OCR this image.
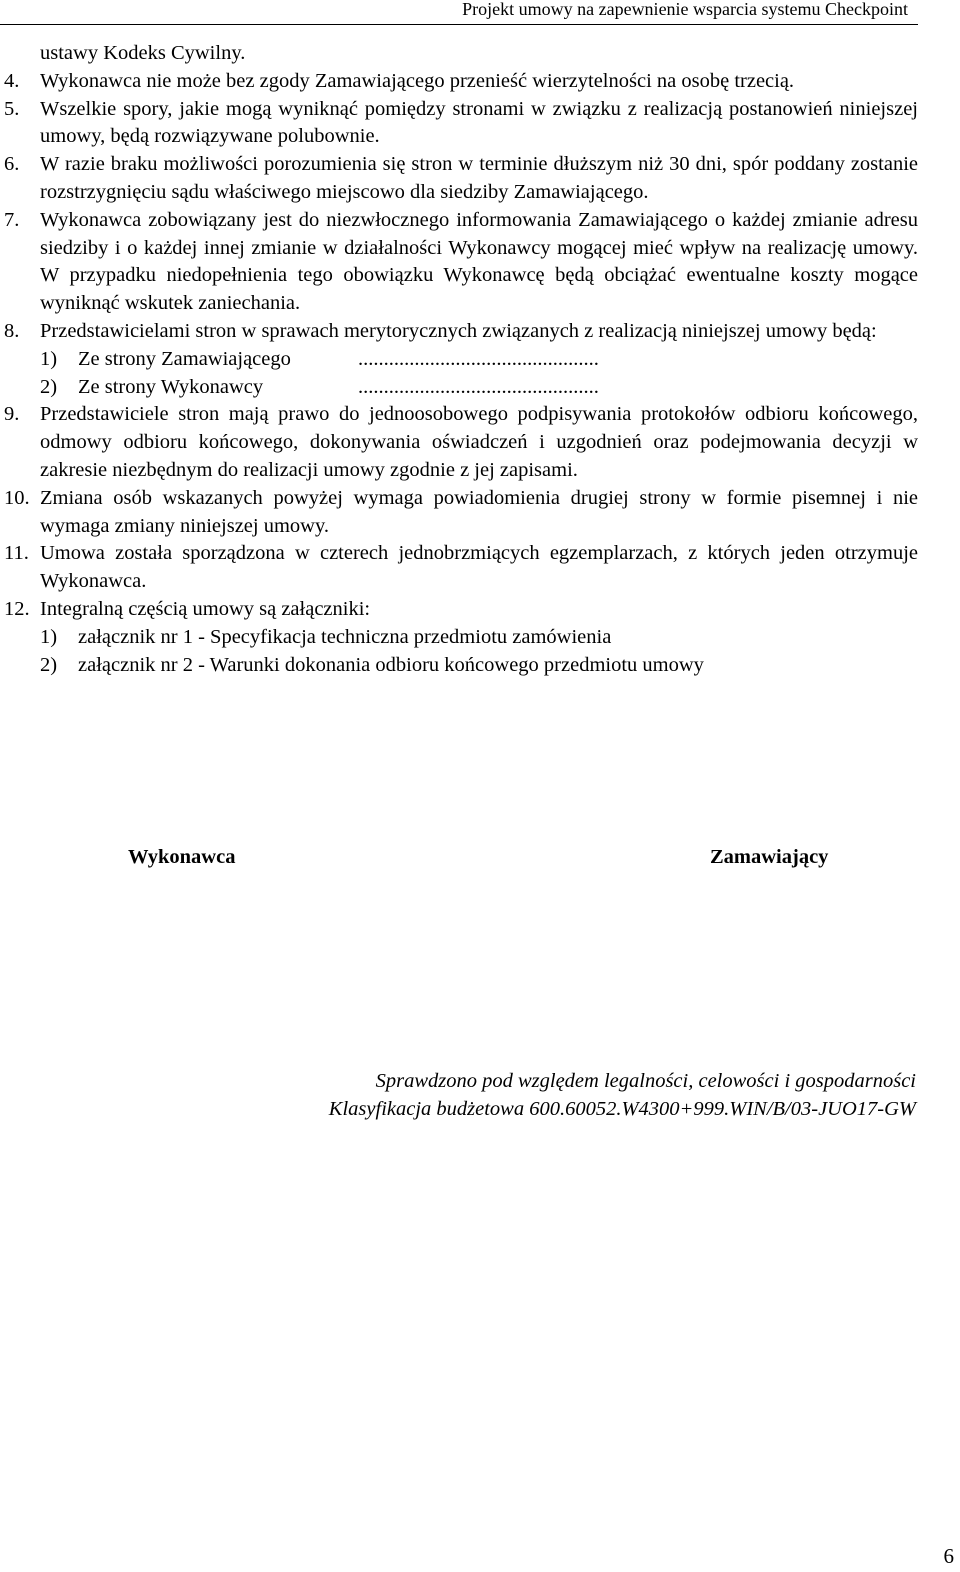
Projekt umowy na zapewnienie wsparcia systemu Checkpoint
ustawy Kodeks Cywilny.
4. Wykonawca nie może bez zgody Zamawiającego przenieść wierzytelności na osobę trzecią.
5. Wszelkie spory, jakie mogą wyniknąć pomiędzy stronami w związku z realizacją postanowień niniejszej umowy, będą rozwiązywane polubownie.
6. W razie braku możliwości porozumienia się stron w terminie dłuższym niż 30 dni, spór poddany zostanie rozstrzygnięciu sądu właściwego miejscowo dla siedziby Zamawiającego.
7. Wykonawca zobowiązany jest do niezwłocznego informowania Zamawiającego o każdej zmianie adresu siedziby i o każdej innej zmianie w działalności Wykonawcy mogącej mieć wpływ na realizację umowy. W przypadku niedopełnienia tego obowiązku Wykonawcę będą obciążać ewentualne koszty mogące wyniknąć wskutek zaniechania.
8. Przedstawicielami stron w sprawach merytorycznych związanych z realizacją niniejszej umowy będą:
1) Ze strony Zamawiającego	...............................................
2) Ze strony Wykonawcy	...............................................
9. Przedstawiciele stron mają prawo do jednoosobowego podpisywania protokołów odbioru końcowego, odmowy odbioru końcowego, dokonywania oświadczeń i uzgodnień oraz podejmowania decyzji w zakresie niezbędnym do realizacji umowy zgodnie z jej zapisami.
10. Zmiana osób wskazanych powyżej wymaga powiadomienia drugiej strony w formie pisemnej i nie wymaga zmiany niniejszej umowy.
11. Umowa została sporządzona w czterech jednobrzmiących egzemplarzach, z których jeden otrzymuje Wykonawca.
12. Integralną częścią umowy są załączniki:
1) załącznik nr 1 - Specyfikacja techniczna przedmiotu zamówienia
2) załącznik nr 2 - Warunki dokonania odbioru końcowego przedmiotu umowy
Wykonawca	Zamawiający
Sprawdzono pod względem legalności, celowości i gospodarności
Klasyfikacja budżetowa 600.60052.W4300+999.WIN/B/03-JUO17-GW
6
